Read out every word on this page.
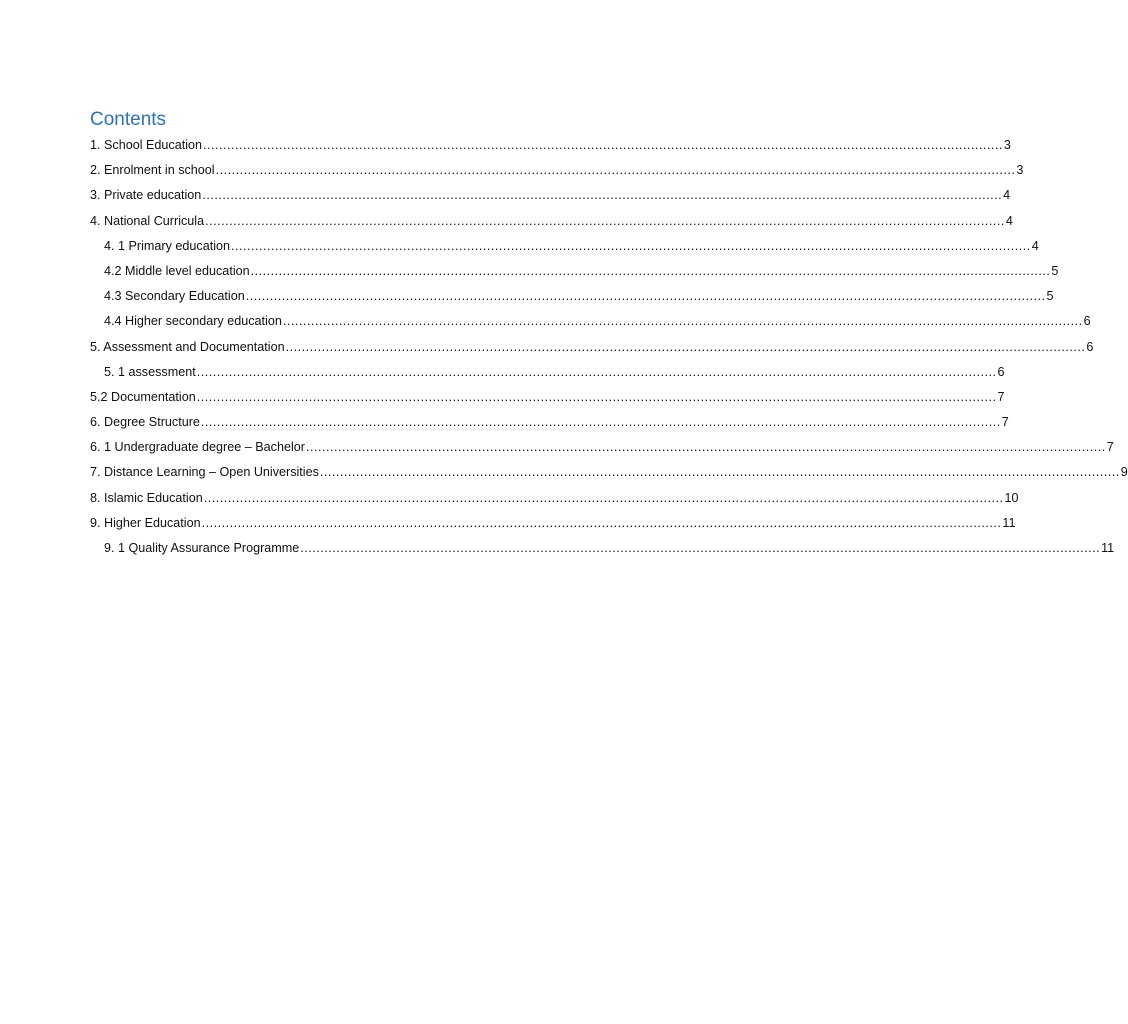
Contents
1. School Education ........................................................................................................................................................................................................ 3
2. Enrolment in school ........................................................................................................................................................................................................ 3
3. Private education ........................................................................................................................................................................................................ 4
4. National Curricula ........................................................................................................................................................................................................ 4
4. 1 Primary education ........................................................................................................................................................................................................ 4
4.2 Middle level education ........................................................................................................................................................................................................ 5
4.3 Secondary Education ........................................................................................................................................................................................................ 5
4.4 Higher secondary education ........................................................................................................................................................................................................ 6
5. Assessment and Documentation ........................................................................................................................................................................................................ 6
5. 1 assessment ........................................................................................................................................................................................................ 6
5.2 Documentation ........................................................................................................................................................................................................ 7
6. Degree Structure ........................................................................................................................................................................................................ 7
6. 1 Undergraduate degree – Bachelor ........................................................................................................................................................................................................ 7
7. Distance Learning – Open Universities ........................................................................................................................................................................................................ 9
8. Islamic Education ........................................................................................................................................................................................................ 10
9. Higher Education ........................................................................................................................................................................................................ 11
9. 1 Quality Assurance Programme ........................................................................................................................................................................................................ 11
